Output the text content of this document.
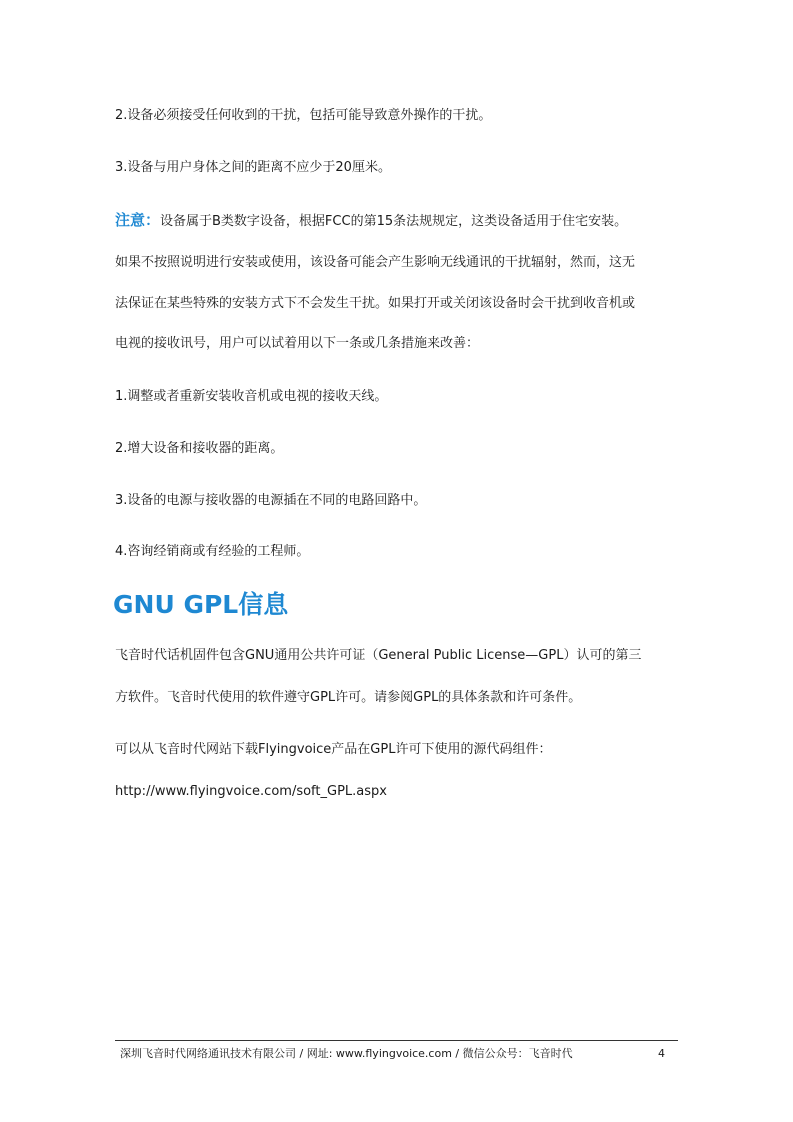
2.设备必须接受任何收到的干扰，包括可能导致意外操作的干扰。

3.设备与用户身体之间的距离不应少于20厘米。

注意：设备属于B类数字设备，根据FCC的第15条法规规定，这类设备适用于住宅安装。

如果不按照说明进行安装或使用，该设备可能会产生影响无线通讯的干扰辐射，然而，这无

法保证在某些特殊的安装方式下不会发生干扰。如果打开或关闭该设备时会干扰到收音机或

电视的接收讯号，用户可以试着用以下一条或几条措施来改善：

1.调整或者重新安装收音机或电视的接收天线。

2.增大设备和接收器的距离。

3.设备的电源与接收器的电源插在不同的电路回路中。

4.咨询经销商或有经验的工程师。

GNU GPL信息

飞音时代话机固件包含GNU通用公共许可证（General Public License—GPL）认可的第三

方软件。飞音时代使用的软件遵守GPL许可。请参阅GPL的具体条款和许可条件。

可以从飞音时代网站下载Flyingvoice产品在GPL许可下使用的源代码组件：

http://www.flyingvoice.com/soft_GPL.aspx

深圳飞音时代网络通讯技术有限公司 / 网址: www.flyingvoice.com / 微信公众号：飞音时代	4
